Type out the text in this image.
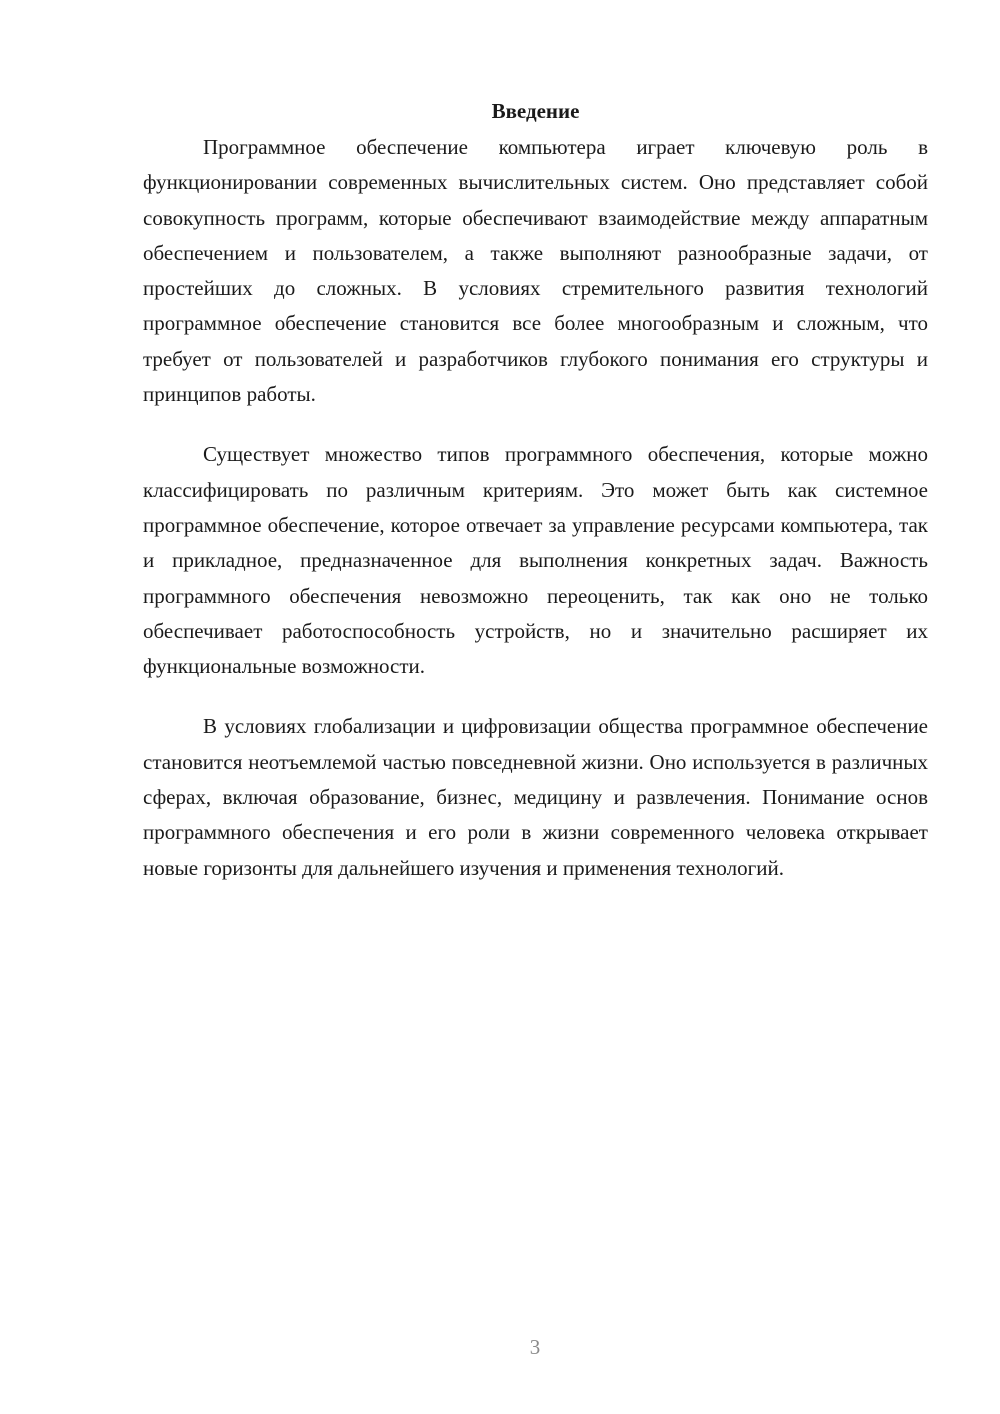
Введение

Программное обеспечение компьютера играет ключевую роль в функционировании современных вычислительных систем. Оно представляет собой совокупность программ, которые обеспечивают взаимодействие между аппаратным обеспечением и пользователем, а также выполняют разнообразные задачи, от простейших до сложных. В условиях стремительного развития технологий программное обеспечение становится все более многообразным и сложным, что требует от пользователей и разработчиков глубокого понимания его структуры и принципов работы.

Существует множество типов программного обеспечения, которые можно классифицировать по различным критериям. Это может быть как системное программное обеспечение, которое отвечает за управление ресурсами компьютера, так и прикладное, предназначенное для выполнения конкретных задач. Важность программного обеспечения невозможно переоценить, так как оно не только обеспечивает работоспособность устройств, но и значительно расширяет их функциональные возможности.

В условиях глобализации и цифровизации общества программное обеспечение становится неотъемлемой частью повседневной жизни. Оно используется в различных сферах, включая образование, бизнес, медицину и развлечения. Понимание основ программного обеспечения и его роли в жизни современного человека открывает новые горизонты для дальнейшего изучения и применения технологий.

3
